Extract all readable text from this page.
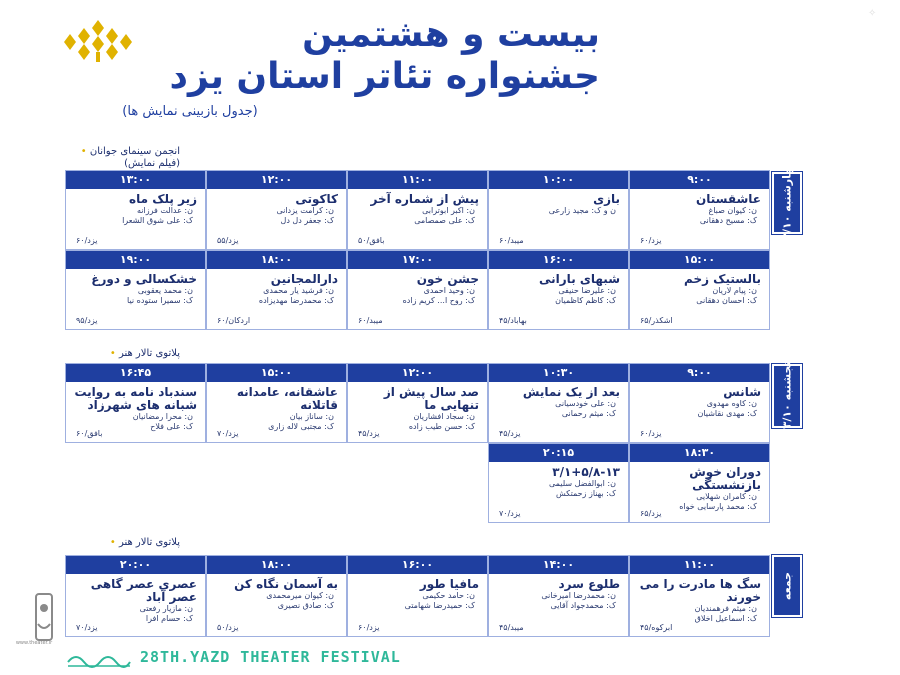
بیست و هشتمین
جشنواره تئاتر استان یزد
(جدول بازبینی نمایش ها)
✧
انجمن سینمای جوانان •
(فیلم نمایش)
چهارشنبه ۲۲/۱۰
۹:۰۰
عاشقستان
ن: کیوان صباغ
ک: مسیح دهقانی
یزد/۶۰
۱۰:۰۰
بازی
ن و ک: مجید زارعی
میبد/۶۰
۱۱:۰۰
پیش از شماره آخر
ن: اکبر ابوترابی
ک: علی صمصامی
بافق/۵۰
۱۲:۰۰
کاکوتی
ن: کرامت یزدانی
ک: جعفر دل دل
یزد/۵۵
۱۳:۰۰
زیر پلک ماه
ن: عدالت فرزانه
ک: علی شوق الشعرا
یزد/۶۰
۱۵:۰۰
بالستیک زخم
ن: پیام لاریان
ک: احسان دهقانی
اشکذر/۶۵
۱۶:۰۰
شبهای بارانی
ن: علیرضا حنیفی
ک: کاظم کاظمیان
بهاباد/۴۵
۱۷:۰۰
جشن خون
ن: وحید احمدی
ک: روح ا... کریم زاده
میبد/۶۰
۱۸:۰۰
دارالمجانین
ن: فرشید یار محمدی
ک: محمدرضا مهدیزاده
اردکان/۶۰
۱۹:۰۰
خشکسالی و دورغ
ن: محمد یعقوبی
ک: سمیرا ستوده نیا
یزد/۹۵
پلاتوی تالار هنر •
پنجشنبه ۲۳/۱۰
۹:۰۰
شانس
ن: کاوه مهدوی
ک: مهدی نقاشیان
یزد/۶۰
۱۰:۳۰
بعد از یک نمایش
ن: علی خودسیانی
ک: میثم رحمانی
یزد/۴۵
۱۲:۰۰
صد سال پیش از تنهایی ما
ن: سجاد افشاریان
ک: حسن طیب زاده
یزد/۴۵
۱۵:۰۰
عاشقانه، عامدانه قاتلانه
ن: ساناز بیان
ک: مجتبی لاله زاری
یزد/۷۰
۱۶:۴۵
سندباد نامه به روایت شبانه های شهرزاد
ن: محرا رمضانیان
ک: علی فلاح
بافق/۶۰
۱۸:۳۰
دوران خوش بازنشستگی
ن: کامران شهلایی
ک: محمد پارسایی خواه
یزد/۶۵
۲۰:۱۵
۳/۱+۵/۸-۱۳
ن: ابوالفضل سلیمی
ک: بهناز زحمتکش
یزد/۷۰
پلاتوی تالار هنر •
جمعه
۱۱:۰۰
سگ ها مادرت را می خورند
ن: میثم فرهمندیان
ک: اسماعیل اخلاق
ابرکوه/۴۵
۱۴:۰۰
طلوع سرد
ن: محمدرضا امیرخانی
ک: محمدجواد آقایی
میبد/۴۵
۱۶:۰۰
مافیا طور
ن: حامد حکیمی
ک: حمیدرضا شهامتی
یزد/۶۰
۱۸:۰۰
به آسمان نگاه کن
ن: کیوان میرمحمدی
ک: صادق نصیری
یزد/۵۰
۲۰:۰۰
عصری عصر گاهی عصر آباد
ن: مازیار رفعتی
ک: حسام افرا
یزد/۷۰
www.theater.ir
28TH.YAZD THEATER FESTIVAL
